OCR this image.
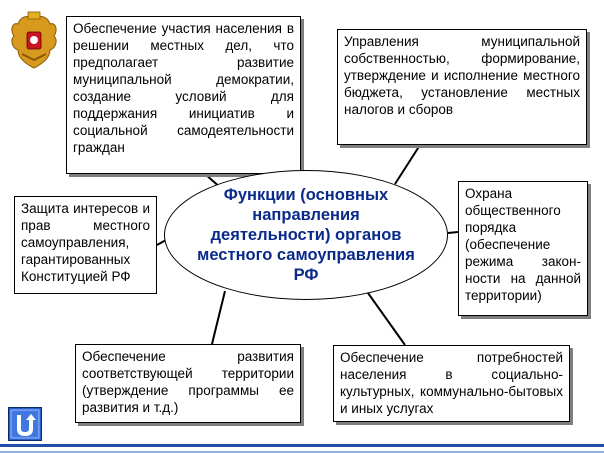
Обеспечение участия населения в решении местных дел, что предполагает развитие муниципальной демократии, создание условий для поддержания инициатив и социальной самодеятельности граждан
Управления муниципальной собственностью, формирование, утверждение и исполнение местного бюджета, установление местных налогов и сборов
Защита интересов и прав местного самоуправления, гарантированных Конституцией РФ
Охрана общественного порядка (обеспечение режима закон-ности на данной территории)
Обеспечение развития соответствующей территории (утверждение программы ее развития и т.д.)
Обеспечение потребностей населения в социально-культурных, коммунально-бытовых и иных услугах
Функции (основных направления деятельности) органов местного самоуправления РФ
